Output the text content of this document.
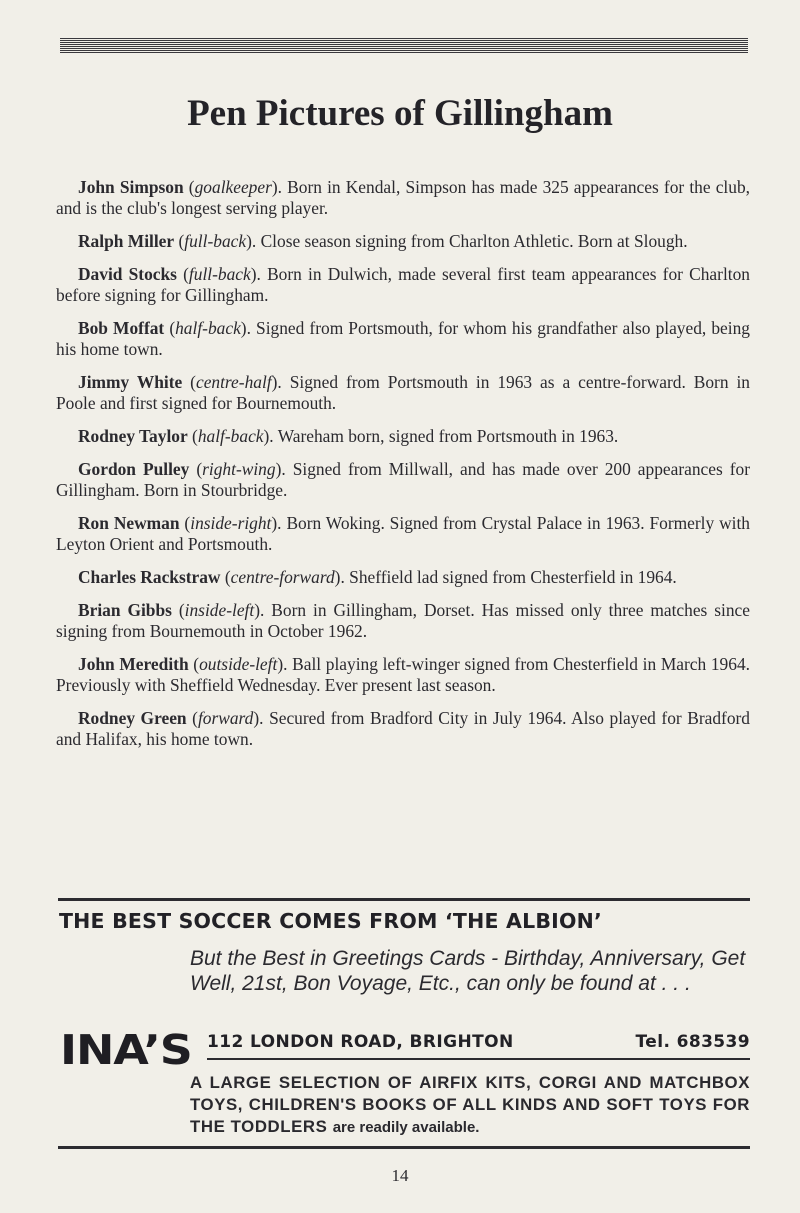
Pen Pictures of Gillingham

John Simpson (goalkeeper). Born in Kendal, Simpson has made 325 appearances for the club, and is the club's longest serving player.

Ralph Miller (full-back). Close season signing from Charlton Athletic. Born at Slough.

David Stocks (full-back). Born in Dulwich, made several first team appearances for Charlton before signing for Gillingham.

Bob Moffat (half-back). Signed from Portsmouth, for whom his grandfather also played, being his home town.

Jimmy White (centre-half). Signed from Portsmouth in 1963 as a centre-forward. Born in Poole and first signed for Bournemouth.

Rodney Taylor (half-back). Wareham born, signed from Portsmouth in 1963.

Gordon Pulley (right-wing). Signed from Millwall, and has made over 200 appearances for Gillingham. Born in Stourbridge.

Ron Newman (inside-right). Born Woking. Signed from Crystal Palace in 1963. Formerly with Leyton Orient and Portsmouth.

Charles Rackstraw (centre-forward). Sheffield lad signed from Chesterfield in 1964.

Brian Gibbs (inside-left). Born in Gillingham, Dorset. Has missed only three matches since signing from Bournemouth in October 1962.

John Meredith (outside-left). Ball playing left-winger signed from Chesterfield in March 1964. Previously with Sheffield Wednesday. Ever present last season.

Rodney Green (forward). Secured from Bradford City in July 1964. Also played for Bradford and Halifax, his home town.

THE BEST SOCCER COMES FROM ‘THE ALBION’

But the Best in Greetings Cards - Birthday, Anniversary, Get Well, 21st, Bon Voyage, Etc., can only be found at . . .

INA’S 112 LONDON ROAD, BRIGHTON	Tel. 683539

A LARGE SELECTION OF AIRFIX KITS, CORGI AND MATCHBOX TOYS, CHILDREN'S BOOKS OF ALL KINDS AND SOFT TOYS FOR THE TODDLERS are readily available.

14
